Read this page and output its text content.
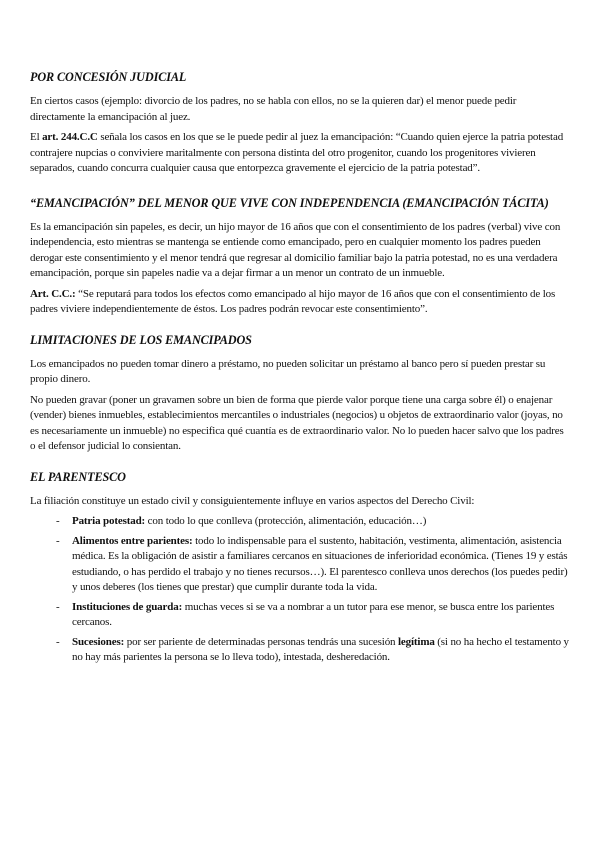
POR CONCESIÓN JUDICIAL

En ciertos casos (ejemplo: divorcio de los padres, no se habla con ellos, no se la quieren dar) el menor puede pedir directamente la emancipación al juez.

El art. 244.C.C señala los casos en los que se le puede pedir al juez la emancipación: “Cuando quien ejerce la patria potestad contrajere nupcias o conviviere maritalmente con persona distinta del otro progenitor, cuando los progenitores vivieren separados, cuando concurra cualquier causa que entorpezca gravemente el ejercicio de la patria potestad”.

“EMANCIPACIÓN” DEL MENOR QUE VIVE CON INDEPENDENCIA (EMANCIPACIÓN TÁCITA)

Es la emancipación sin papeles, es decir, un hijo mayor de 16 años que con el consentimiento de los padres (verbal) vive con independencia, esto mientras se mantenga se entiende como emancipado, pero en cualquier momento los padres pueden derogar este consentimiento y el menor tendrá que regresar al domicilio familiar bajo la patria potestad, no es una verdadera emancipación, porque sin papeles nadie va a dejar firmar a un menor un contrato de un inmueble.

Art. C.C.: “Se reputará para todos los efectos como emancipado al hijo mayor de 16 años que con el consentimiento de los padres viviere independientemente de éstos. Los padres podrán revocar este consentimiento”.

LIMITACIONES DE LOS EMANCIPADOS

Los emancipados no pueden tomar dinero a préstamo, no pueden solicitar un préstamo al banco pero sí pueden prestar su propio dinero.

No pueden gravar (poner un gravamen sobre un bien de forma que pierde valor porque tiene una carga sobre él) o enajenar (vender) bienes inmuebles, establecimientos mercantiles o industriales (negocios) u objetos de extraordinario valor (joyas, no es necesariamente un inmueble) no especifica qué cuantía es de extraordinario valor. No lo pueden hacer salvo que los padres o el defensor judicial lo consientan.

EL PARENTESCO

La filiación constituye un estado civil y consiguientemente influye en varios aspectos del Derecho Civil:

- Patria potestad: con todo lo que conlleva (protección, alimentación, educación…)
- Alimentos entre parientes: todo lo indispensable para el sustento, habitación, vestimenta, alimentación, asistencia médica. Es la obligación de asistir a familiares cercanos en situaciones de inferioridad económica. (Tienes 19 y estás estudiando, o has perdido el trabajo y no tienes recursos…). El parentesco conlleva unos derechos (los puedes pedir) y unos deberes (los tienes que prestar) que cumplir durante toda la vida.
- Instituciones de guarda: muchas veces si se va a nombrar a un tutor para ese menor, se busca entre los parientes cercanos.
- Sucesiones: por ser pariente de determinadas personas tendrás una sucesión legítima (si no ha hecho el testamento y no hay más parientes la persona se lo lleva todo), intestada, desheredación.
